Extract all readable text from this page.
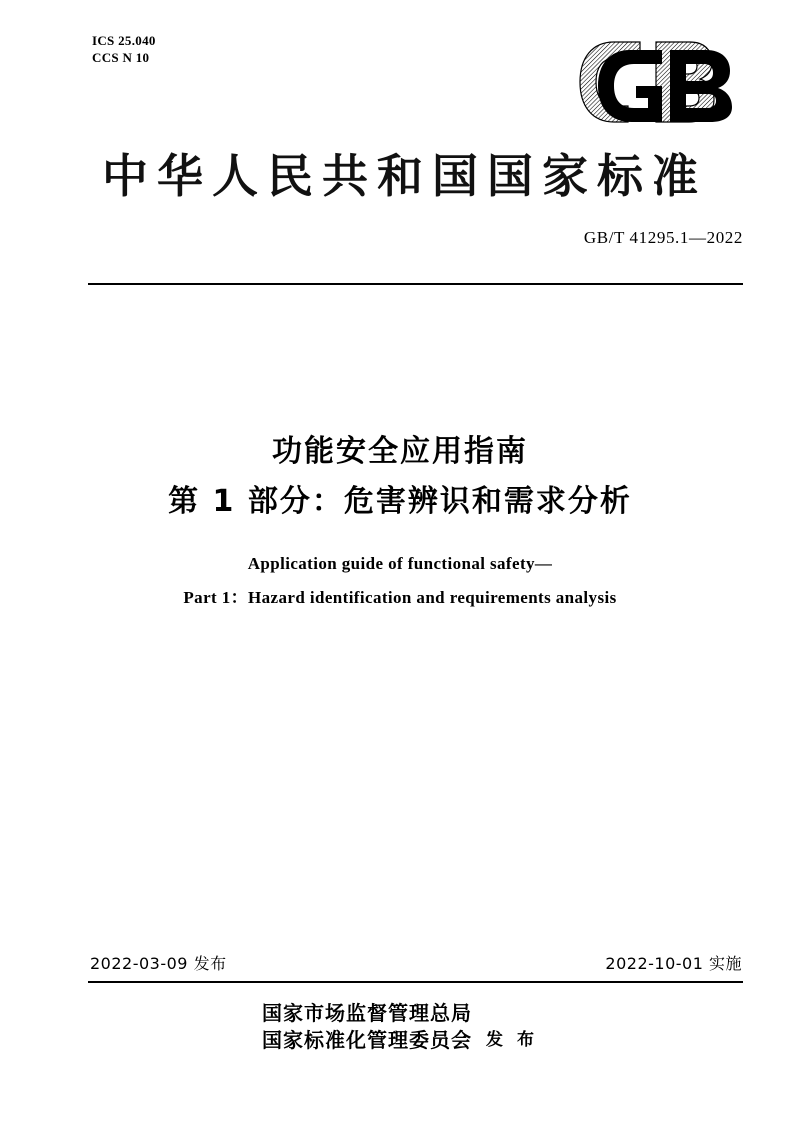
ICS 25.040
CCS N 10
中华人民共和国国家标准
GB/T 41295.1—2022
功能安全应用指南
第 1 部分：危害辨识和需求分析
Application guide of functional safety—
Part 1：Hazard identification and requirements analysis
2022-03-09 发布	2022-10-01 实施
国家市场监督管理总局
国家标准化管理委员会 发 布
